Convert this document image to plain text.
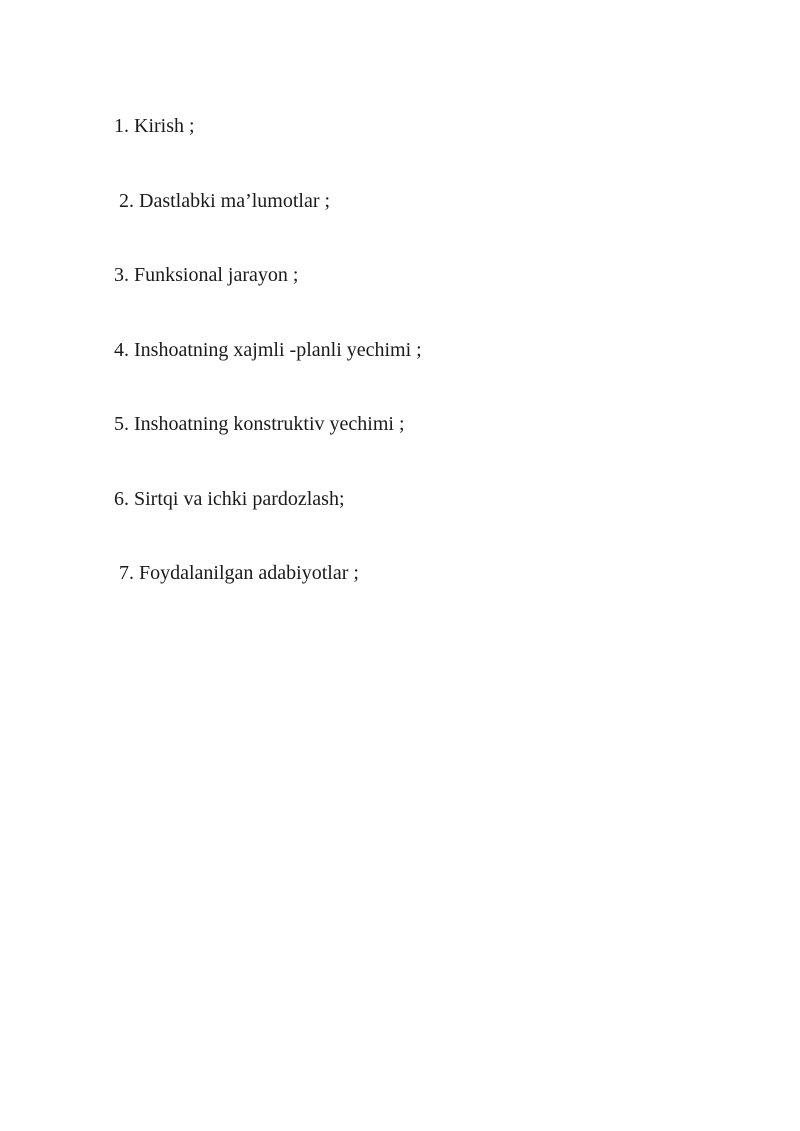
1. Kirish ;
2. Dastlabki ma’lumotlar ;
3. Funksional jarayon ;
4. Inshoatning xajmli -planli yechimi ;
5. Inshoatning konstruktiv yechimi ;
6. Sirtqi va ichki pardozlash;
7. Foydalanilgan adabiyotlar ;
